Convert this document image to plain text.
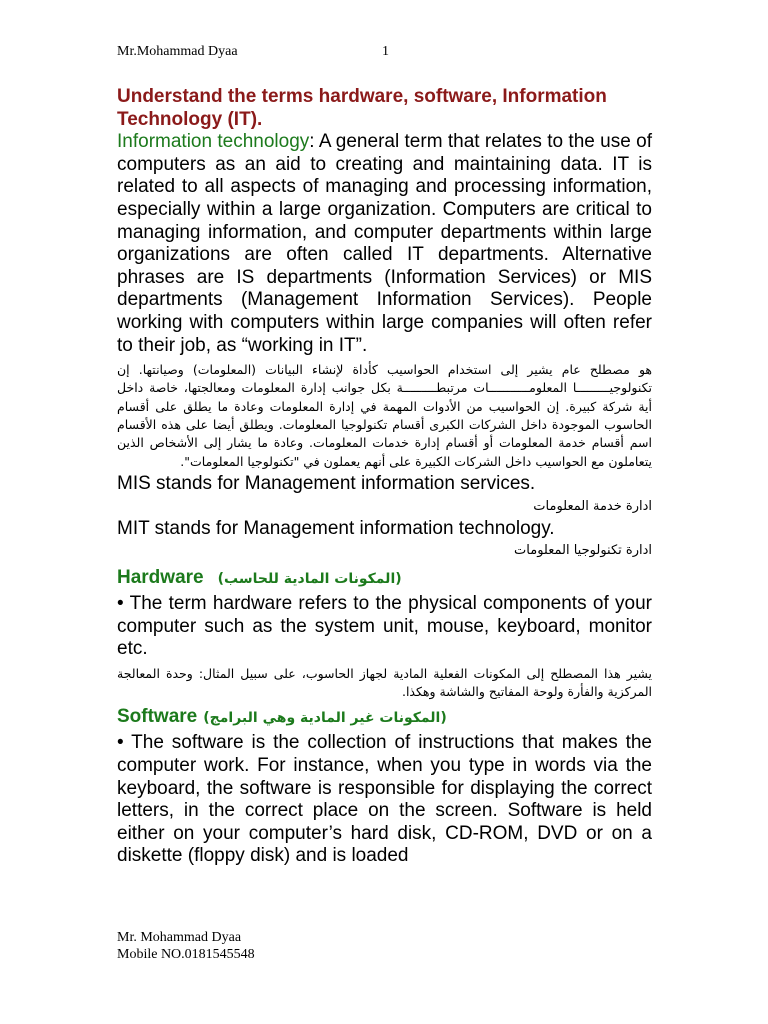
Mr.Mohammad Dyaa	1

Understand the terms hardware, software, Information Technology (IT).

Information technology: A general term that relates to the use of computers as an aid to creating and maintaining data. IT is related to all aspects of managing and processing information, especially within a large organization. Computers are critical to managing information, and computer departments within large organizations are often called IT departments. Alternative phrases are IS departments (Information Services) or MIS departments (Management Information Services). People working with computers within large companies will often refer to their job, as “working in IT”.

هو مصطلح عام يشير إلى استخدام الحواسيب كأداة لإنشاء البيانات (المعلومات) وصيانتها. إن تكنولوجيـــــــــا المعلومـــــــــــات مرتبطـــــــــة بكل جوانب إدارة المعلومات ومعالجتها، خاصة داخل أية شركة كبيرة. إن الحواسيب من الأدوات المهمة في إدارة المعلومات وعادة ما يطلق على أقسام الحاسوب الموجودة داخل الشركات الكبرى أقسام تكنولوجيا المعلومات. ويطلق أيضا على هذه الأقسام اسم أقسام خدمة المعلومات أو أقسام إدارة خدمات المعلومات. وعادة ما يشار إلى الأشخاص الذين يتعاملون مع الحواسيب داخل الشركات الكبيرة على أنهم يعملون في "تكنولوجيا المعلومات".

MIS stands for Management information services.

ادارة خدمة المعلومات

MIT stands for Management information technology.

ادارة تكنولوجيا المعلومات

Hardware (المكونات المادية للحاسب)

• The term hardware refers to the physical components of your computer such as the system unit, mouse, keyboard, monitor etc.

يشير هذا المصطلح إلى المكونات الفعلية المادية لجهاز الحاسوب، على سبيل المثال: وحدة المعالجة المركزية والفأرة ولوحة المفاتيح والشاشة وهكذا.

Software (المكونات غير المادية وهي البرامج)

• The software is the collection of instructions that makes the computer work. For instance, when you type in words via the keyboard, the software is responsible for displaying the correct letters, in the correct place on the screen. Software is held either on your computer’s hard disk, CD-ROM, DVD or on a diskette (floppy disk) and is loaded

Mr. Mohammad Dyaa
Mobile NO.0181545548
